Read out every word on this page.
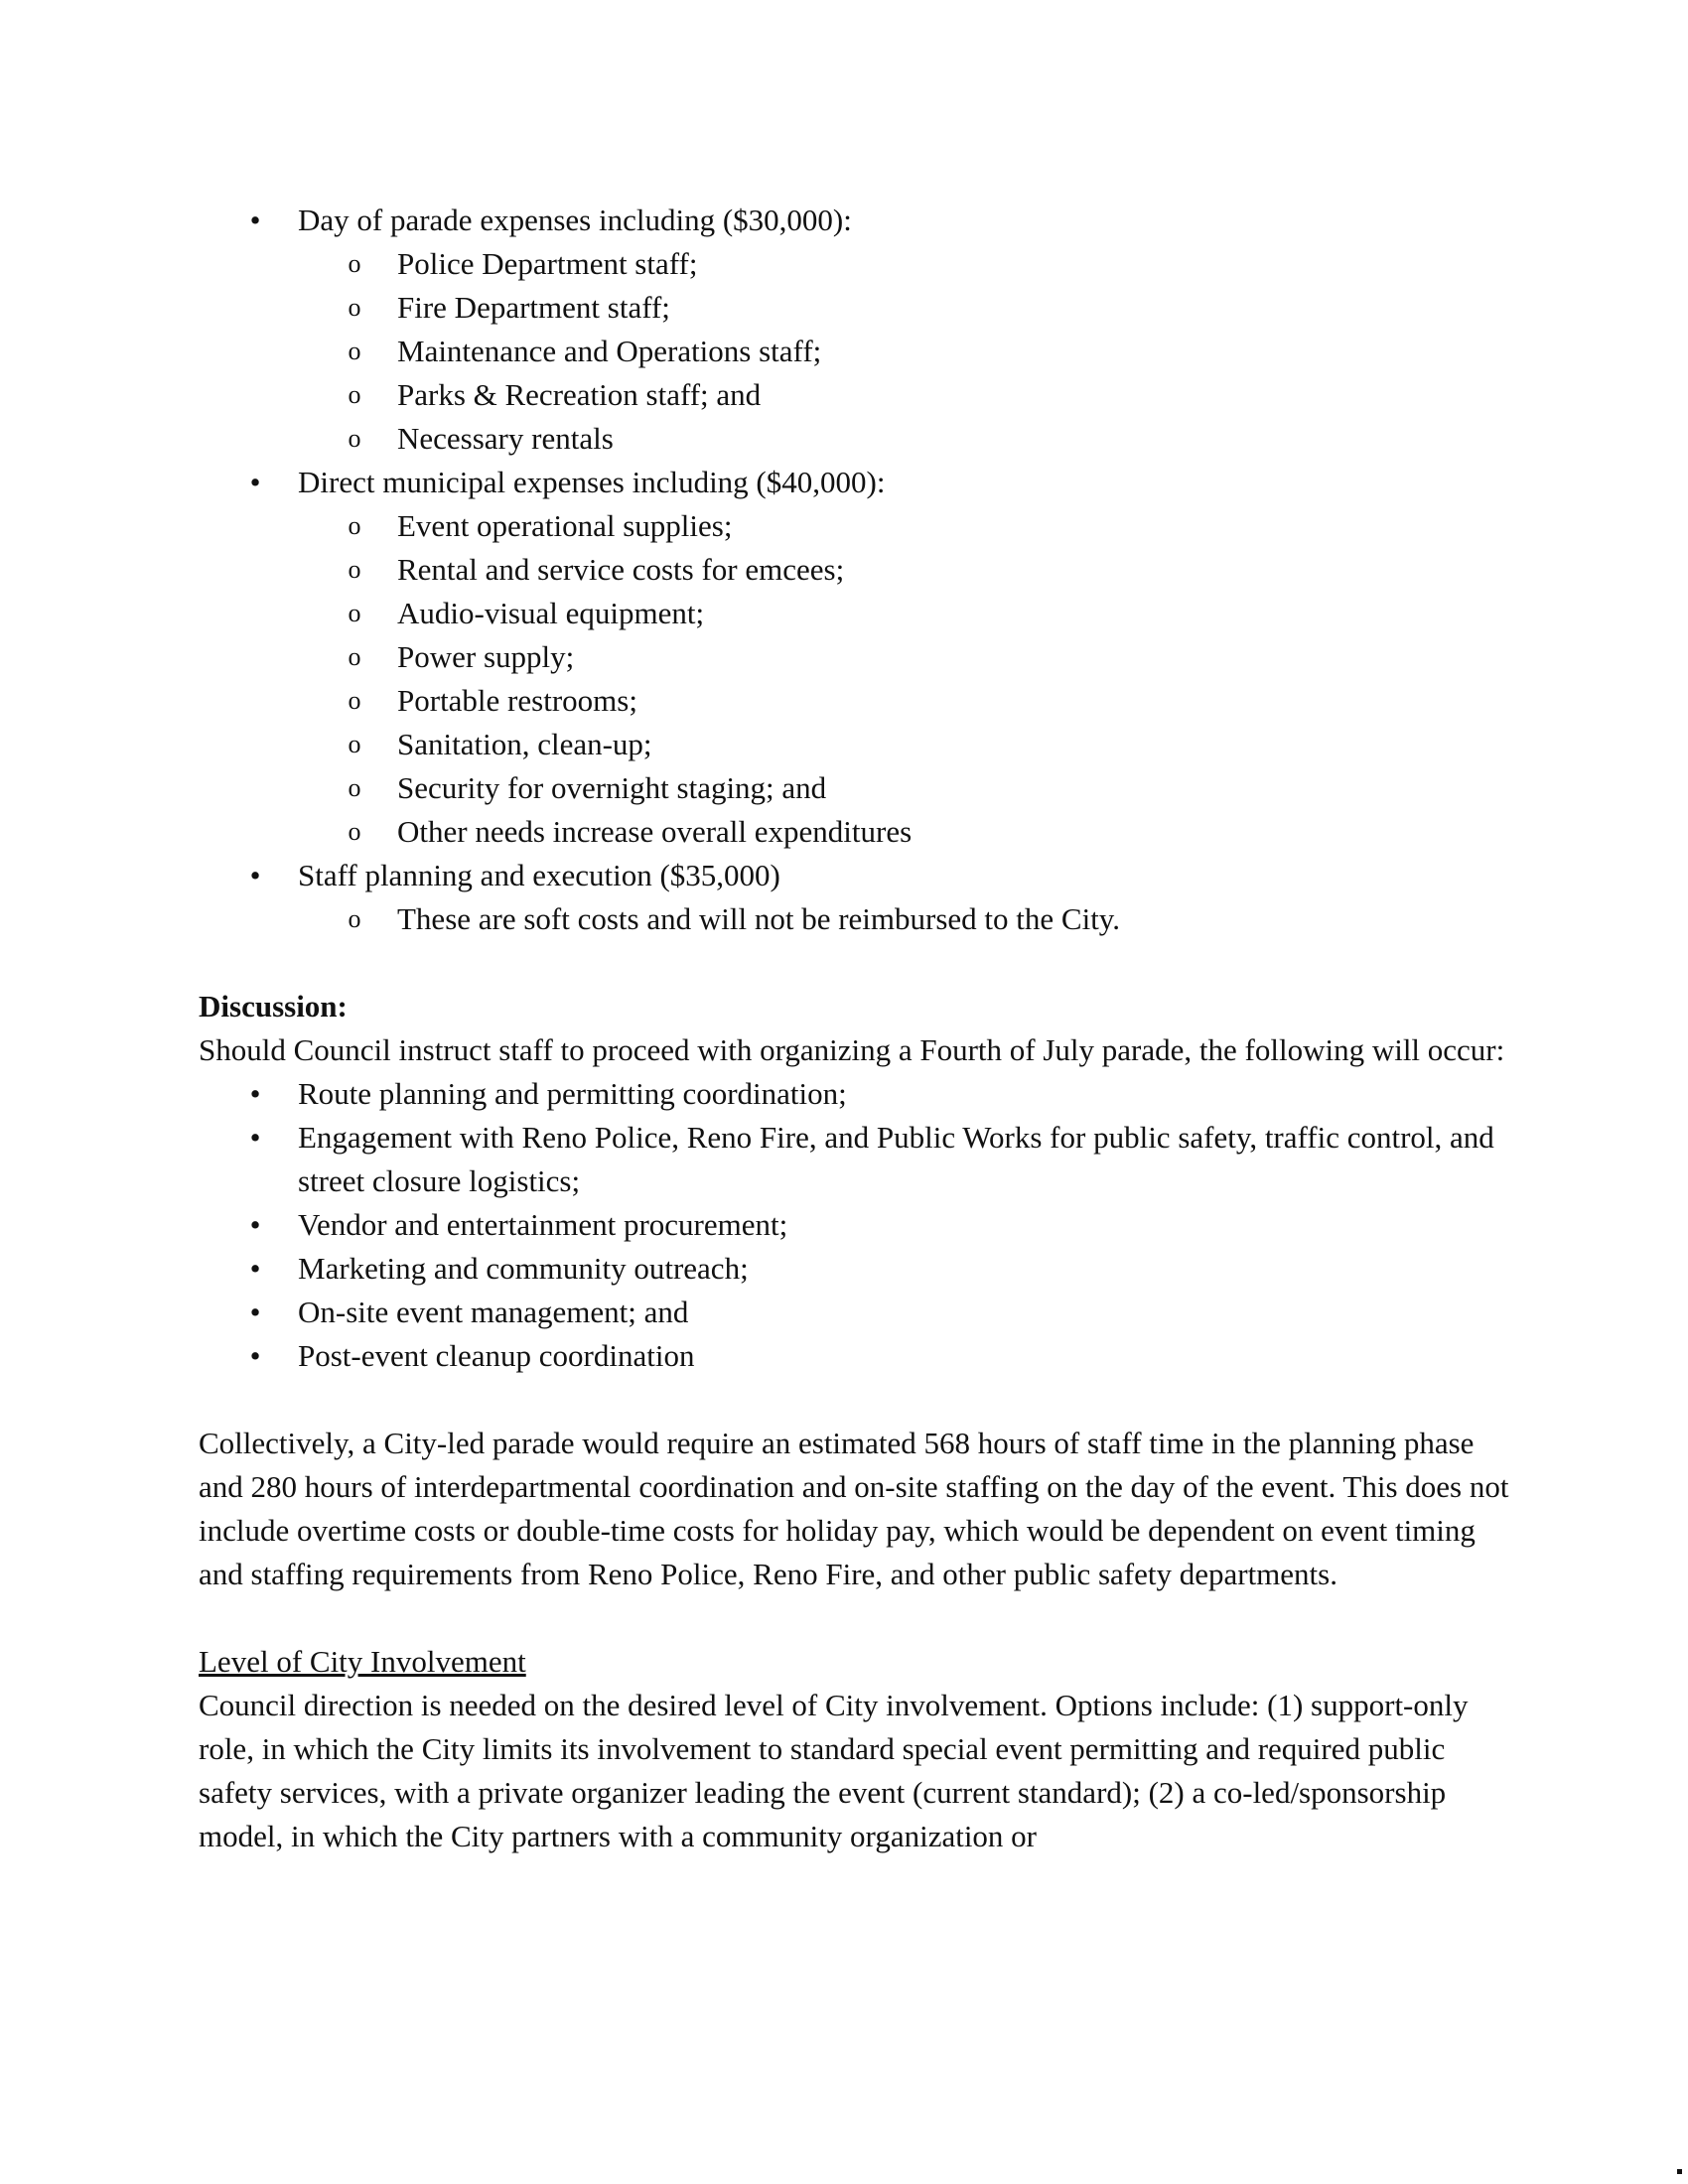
• Day of parade expenses including ($30,000):
o Police Department staff;
o Fire Department staff;
o Maintenance and Operations staff;
o Parks & Recreation staff; and
o Necessary rentals
• Direct municipal expenses including ($40,000):
o Event operational supplies;
o Rental and service costs for emcees;
o Audio-visual equipment;
o Power supply;
o Portable restrooms;
o Sanitation, clean-up;
o Security for overnight staging; and
o Other needs increase overall expenditures
• Staff planning and execution ($35,000)
o These are soft costs and will not be reimbursed to the City.
Discussion:

Should Council instruct staff to proceed with organizing a Fourth of July parade, the following will occur:

• Route planning and permitting coordination;
• Engagement with Reno Police, Reno Fire, and Public Works for public safety, traffic control, and street closure logistics;
• Vendor and entertainment procurement;
• Marketing and community outreach;
• On-site event management; and
• Post-event cleanup coordination

Collectively, a City-led parade would require an estimated 568 hours of staff time in the planning phase and 280 hours of interdepartmental coordination and on-site staffing on the day of the event. This does not include overtime costs or double-time costs for holiday pay, which would be dependent on event timing and staffing requirements from Reno Police, Reno Fire, and other public safety departments.

Level of City Involvement

Council direction is needed on the desired level of City involvement. Options include: (1) support-only role, in which the City limits its involvement to standard special event permitting and required public safety services, with a private organizer leading the event (current standard); (2) a co-led/sponsorship model, in which the City partners with a community organization or
